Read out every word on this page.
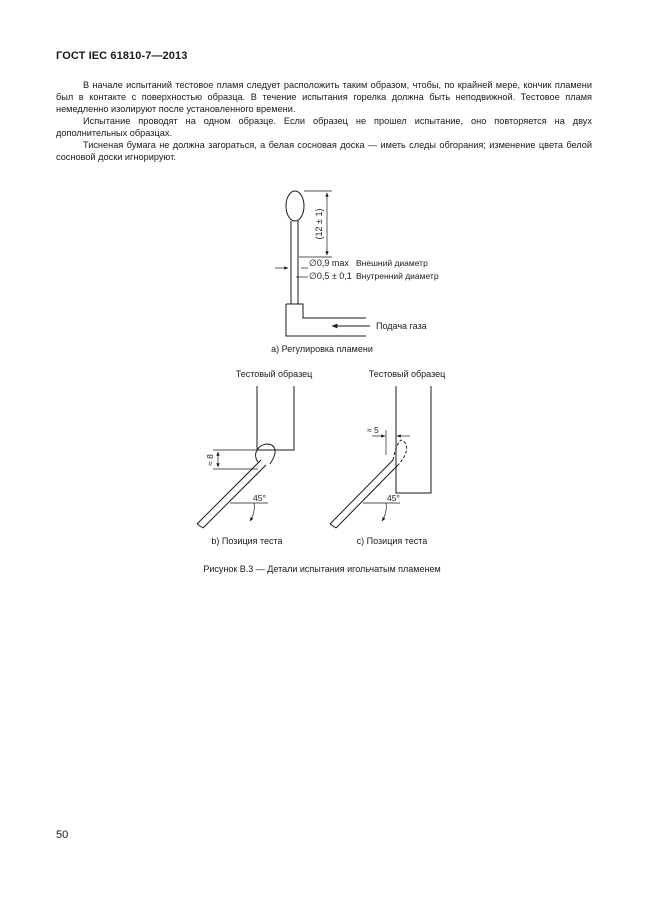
ГОСТ IEC 61810-7—2013

В начале испытаний тестовое пламя следует расположить таким образом, чтобы, по крайней мере, кончик пламени был в контакте с поверхностью образца. В течение испытания горелка должна быть неподвижной. Тестовое пламя немедленно изолируют после установленного времени.

Испытание проводят на одном образце. Если образец не прошел испытание, оно повторяется на двух дополнительных образцах.

Тисненая бумага не должна загораться, а белая сосновая доска — иметь следы обгорания; изменение цвета белой сосновой доски игнорируют.

(12 ± 1)
∅0,9 max Внешний диаметр
∅0,5 ± 0,1 Внутренний диаметр
Подача газа
а) Регулировка пламени
Тестовый образец
≈ 8
45°
b) Позиция теста
Тестовый образец
≈ 5
45°
с) Позиция теста
Рисунок В.3 — Детали испытания игольчатым пламенем
50
